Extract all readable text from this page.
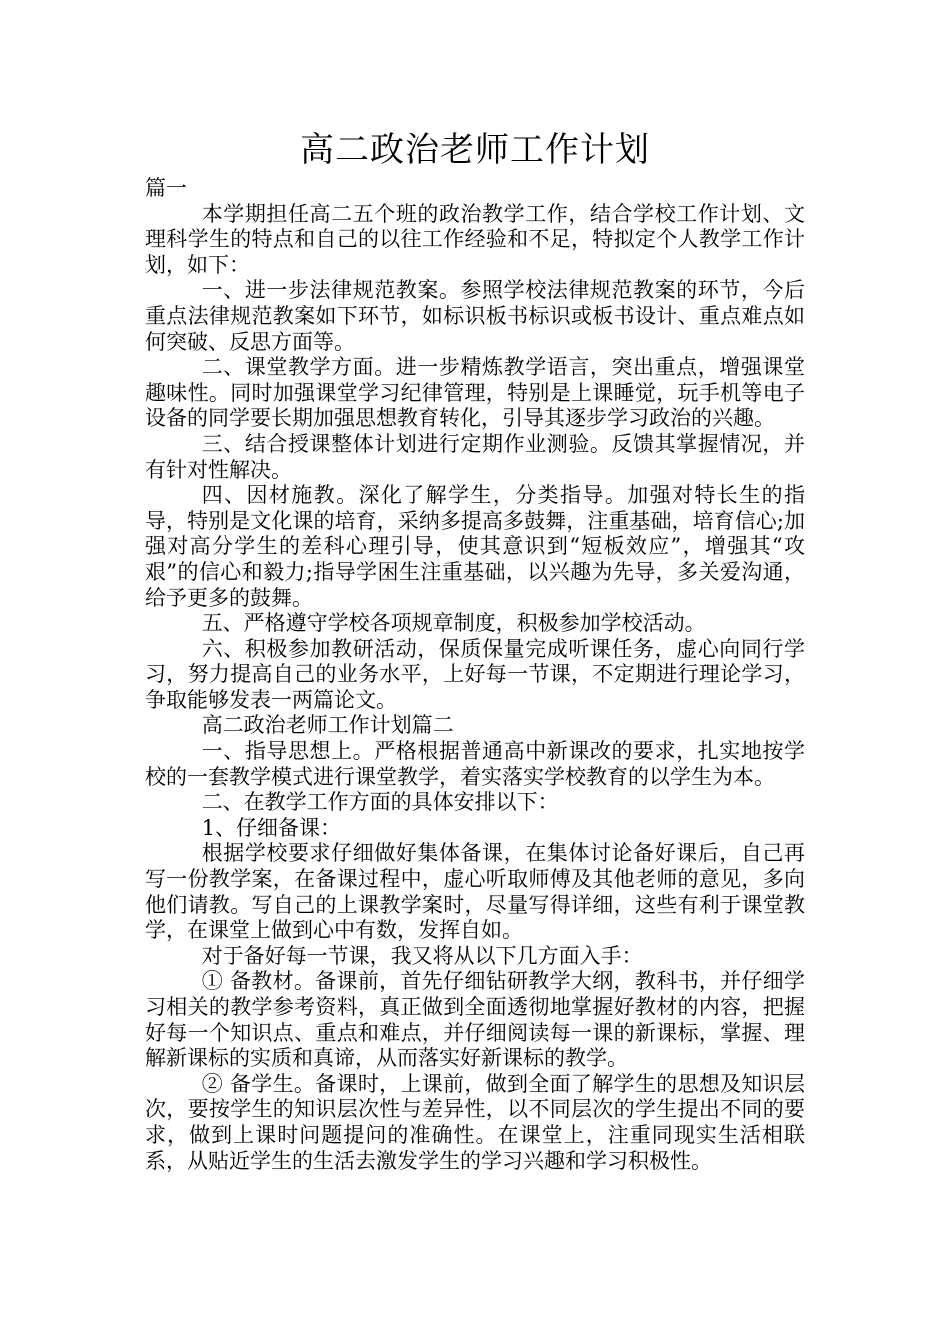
高二政治老师工作计划

篇一

本学期担任高二五个班的政治教学工作，结合学校工作计划、文理科学生的特点和自己的以往工作经验和不足，特拟定个人教学工作计划，如下：

一、进一步法律规范教案。参照学校法律规范教案的环节，今后重点法律规范教案如下环节，如标识板书标识或板书设计、重点难点如何突破、反思方面等。

二、课堂教学方面。进一步精炼教学语言，突出重点，增强课堂趣味性。同时加强课堂学习纪律管理，特别是上课睡觉，玩手机等电子设备的同学要长期加强思想教育转化，引导其逐步学习政治的兴趣。

三、结合授课整体计划进行定期作业测验。反馈其掌握情况，并有针对性解决。

四、因材施教。深化了解学生，分类指导。加强对特长生的指导，特别是文化课的培育，采纳多提高多鼓舞，注重基础，培育信心;加强对高分学生的差科心理引导，使其意识到“短板效应”，增强其“攻艰”的信心和毅力;指导学困生注重基础，以兴趣为先导，多关爱沟通，给予更多的鼓舞。

五、严格遵守学校各项规章制度，积极参加学校活动。

六、积极参加教研活动，保质保量完成听课任务，虚心向同行学习，努力提高自己的业务水平，上好每一节课，不定期进行理论学习，争取能够发表一两篇论文。

高二政治老师工作计划篇二

一、指导思想上。严格根据普通高中新课改的要求，扎实地按学校的一套教学模式进行课堂教学，着实落实学校教育的以学生为本。

二、在教学工作方面的具体安排以下：

1、仔细备课：

根据学校要求仔细做好集体备课，在集体讨论备好课后，自己再写一份教学案，在备课过程中，虚心听取师傅及其他老师的意见，多向他们请教。写自己的上课教学案时，尽量写得详细，这些有利于课堂教学，在课堂上做到心中有数，发挥自如。

对于备好每一节课，我又将从以下几方面入手：

① 备教材。备课前，首先仔细钻研教学大纲，教科书，并仔细学习相关的教学参考资料，真正做到全面透彻地掌握好教材的内容，把握好每一个知识点、重点和难点，并仔细阅读每一课的新课标，掌握、理解新课标的实质和真谛，从而落实好新课标的教学。

② 备学生。备课时，上课前，做到全面了解学生的思想及知识层次，要按学生的知识层次性与差异性，以不同层次的学生提出不同的要求，做到上课时问题提问的准确性。在课堂上，注重同现实生活相联系，从贴近学生的生活去激发学生的学习兴趣和学习积极性。
